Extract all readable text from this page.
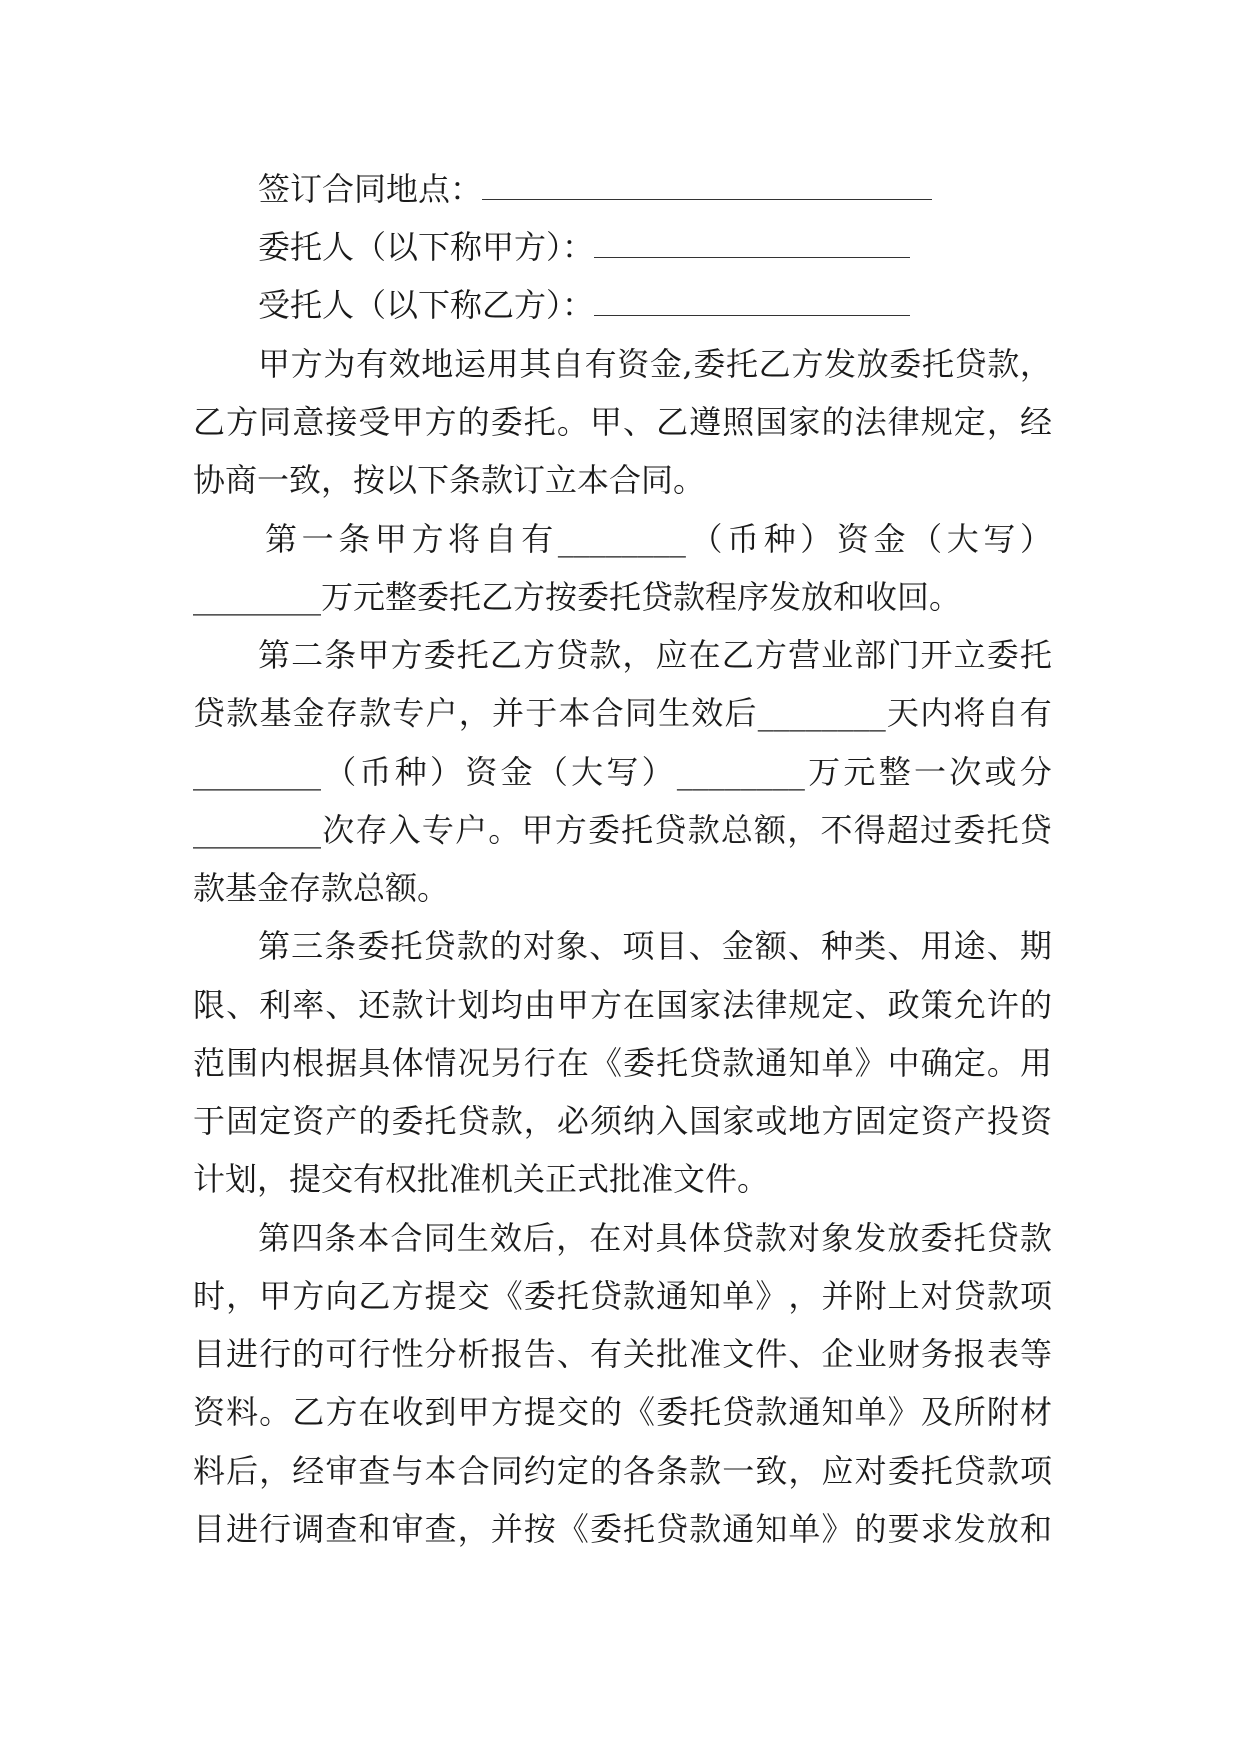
签订合同地点：
委托人（以下称甲方）：
受托人（以下称乙方）：
甲 方 为 有 效 地 运 用 其 自 有 资 金 , 委 托 乙 方 发 放 委 托 贷 款 ，
乙 方 同 意 接 受 甲 方 的 委 托 。 甲 、 乙 遵 照 国 家 的 法 律 规 定 ， 经
协商一致，按以下条款订立本合同。
第 一 条 甲 方 将 自 有 ________ （ 币 种 ） 资 金 （ 大 写 ）
________万元整委托乙方按委托贷款程序发放和收回。
第 二 条 甲 方 委 托 乙 方 贷 款 ， 应 在 乙 方 营 业 部 门 开 立 委 托
贷 款 基 金 存 款 专 户 ， 并 于 本 合 同 生 效 后 ________ 天 内 将 自 有
________ （ 币 种 ） 资 金 （ 大 写 ） ________ 万 元 整 一 次 或 分
________ 次 存 入 专 户 。 甲 方 委 托 贷 款 总 额 ， 不 得 超 过 委 托 贷
款基金存款总额。
第 三 条 委 托 贷 款 的 对 象 、 项 目 、 金 额 、 种 类 、 用 途 、 期
限 、 利 率 、 还 款 计 划 均 由 甲 方 在 国 家 法 律 规 定 、 政 策 允 许 的
范 围 内 根 据 具 体 情 况 另 行 在 《 委 托 贷 款 通 知 单 》 中 确 定 。 用
于 固 定 资 产 的 委 托 贷 款 ， 必 须 纳 入 国 家 或 地 方 固 定 资 产 投 资
计划，提交有权批准机关正式批准文件。
第 四 条 本 合 同 生 效 后 ， 在 对 具 体 贷 款 对 象 发 放 委 托 贷 款
时 ， 甲 方 向 乙 方 提 交 《 委 托 贷 款 通 知 单 》 ， 并 附 上 对 贷 款 项
目 进 行 的 可 行 性 分 析 报 告 、 有 关 批 准 文 件 、 企 业 财 务 报 表 等
资 料 。 乙 方 在 收 到 甲 方 提 交 的 《 委 托 贷 款 通 知 单 》 及 所 附 材
料 后 ， 经 审 查 与 本 合 同 约 定 的 各 条 款 一 致 ， 应 对 委 托 贷 款 项
目 进 行 调 查 和 审 查 ， 并 按 《 委 托 贷 款 通 知 单 》 的 要 求 发 放 和
